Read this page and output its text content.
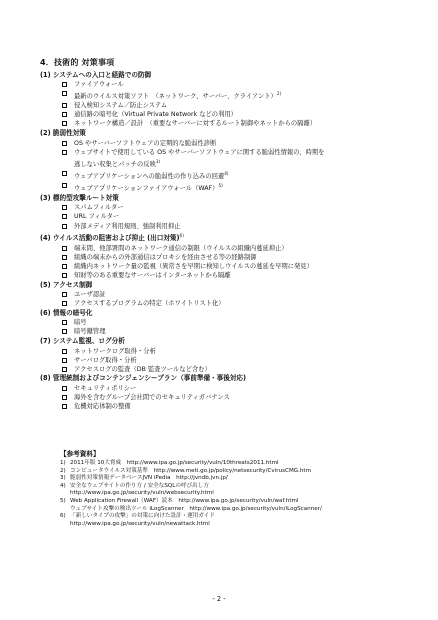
4．技術的 対策事項
(1) システムへの入口と経路での防御
ファイアウォール
最新のウイルス対策ソフト　（ネットワーク、サーバー、クライアント）$^{2)}$
侵入検知システム／防止システム
通信路の暗号化（Virtual Private Network などの利用）
ネットワーク構造／設計　（重要なサーバーに対するルート制御やネットからの隔離）
(2) 脆弱性対策
OS やサーバーソフトウェアの定期的な脆弱性診断
ウェブサイトで使用している OS やサーバーソフトウェアに関する脆弱性情報の、時期を
逃しない収集とパッチの反映$^{3)}$
ウェブアプリケーションへの脆弱性の作り込みの回避$^{4)}$
ウェブアプリケーションファイアウォール（WAF）$^{5)}$
(3) 標的型攻撃ルート対策
スパムフィルター
URL フィルター
外部メディア利用規則、強制利用抑止
(4) ウイルス活動の阻害および抑止 (出口対策)$^{6)}$
端末間、他部署間のネットワーク通信の制限（ウイルスの組織内蔓延抑止）
組織の端末からの外部通信はプロキシを経由させる等の経路制御
組織内ネットワーク量の監視（異常さを早期に検知しウイルスの蔓延を早期に発見）
知財等のある重要なサーバーはインターネットから隔離
(5) アクセス制御
ユーザ認証
アクセスするプログラムの特定（ホワイトリスト化）
(6) 情報の暗号化
暗号
暗号鍵管理
(7) システム監視、ログ分析
ネットワークログ取得・分析
サーバログ取得・分析
アクセスログの監査（DB 監査ツールなど含む）
(8) 管理統制およびコンテンジェンシープラン（事前準備・事後対応)
セキュリティポリシー
海外を含むグループ会社間でのセキュリティガバナンス
危機対応体制の整備
【参考資料】
1) 2011年版 10大脅威　http://www.ipa.go.jp/security/vuln/10threats2011.html
2) コンピュータウイルス対策基準　http://www.meti.go.jp/policy/netsecurity/CvirusCMG.htm
3) 脆弱性対策情報データベースJVN iPedia　http://jvndb.jvn.jp/
4) 安全なウェブサイトの作り方 / 安全なSQLの呼び出し方
http://www.ipa.go.jp/security/vuln/websecurity.html
5) Web Application Firewall（WAF）読本　http://www.ipa.go.jp/security/vuln/waf.html
ウェブサイト攻撃の検出ツール iLogScanner　http://www.ipa.go.jp/security/vuln/iLogScanner/
6) 「新しいタイプの攻撃」の対策に向けた設計・運用ガイド
http://www.ipa.go.jp/security/vuln/newattack.html
- 2 -
